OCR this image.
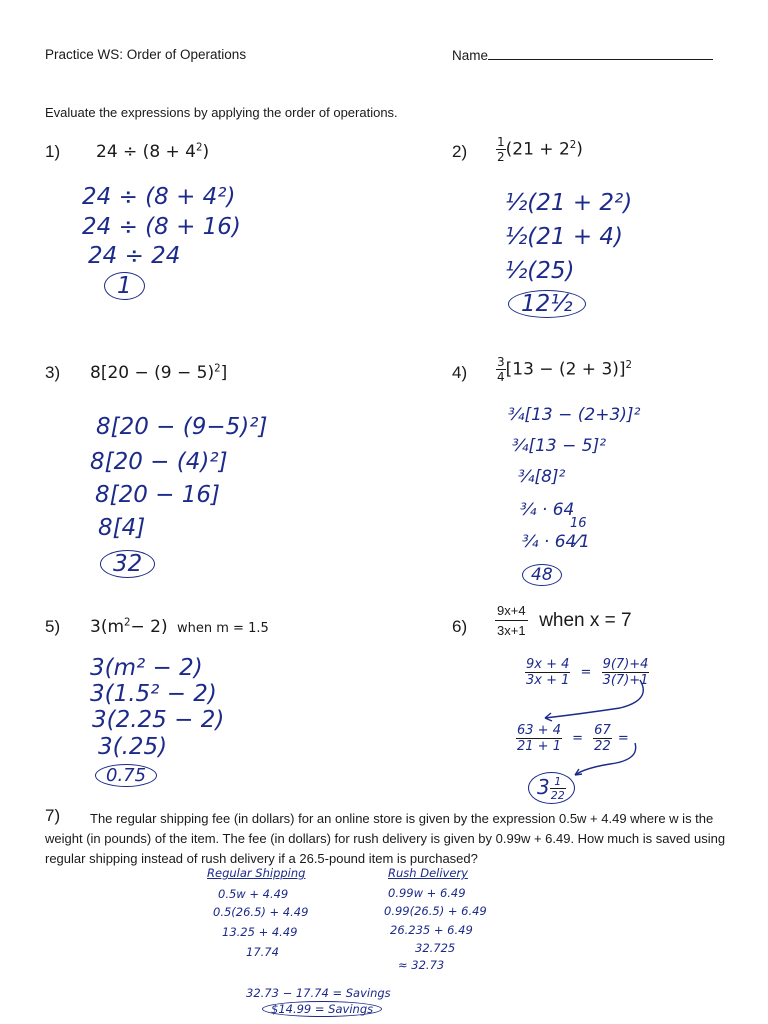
Practice WS: Order of Operations	Name
Evaluate the expressions by applying the order of operations.
1) $24 \div (8 + 4^2)$
24 ÷ (8 + 4²)
24 ÷ (8 + 16)
24 ÷ 24
1
$2) \frac{1}{2} (21 + 2^2)$
½(21 + 2²)
½(21 + 4)
½(25)
12½
3) $8[20 - (9 - 5)^2]$
8[20 − (9−5)²]
8[20 − (4)²]
8[20 − 16]
8[4]
32
$4) \frac{3}{4} [13 - (2 + 3)]^2$
¾[13 − (2+3)]²
¾[13 − 5]²
¾[8]²
¾ · 64
¾ · 64⁄1
16
48
5) $3(m^2- 2)$ when m = 1.5
3(m² − 2)
3(1.5² − 2)
3(2.25 − 2)
3(.25)
0.75
$6) \frac{9x+4}{3x+1}$ when x = 7
$\frac{9x + 4}{3x + 1} = \frac{9(7)+4}{3(7)+1}$
$\frac{63 + 4}{21 + 1} = \frac{67}{22}$ =
$3 \frac{1}{22}$
7)	The regular shipping fee (in dollars) for an online store is given by the expression 0.5w + 4.49 where w is the weight (in pounds) of the item. The fee (in dollars) for rush delivery is given by 0.99w + 6.49. How much is saved using regular shipping instead of rush delivery if a 26.5-pound item is purchased?
Regular Shipping
0.5w + 4.49
0.5(26.5) + 4.49
13.25 + 4.49
17.74
Rush Delivery
0.99w + 6.49
0.99(26.5) + 6.49
26.235 + 6.49
32.725
≈ 32.73
32.73 − 17.74 = Savings
$14.99 = Savings
